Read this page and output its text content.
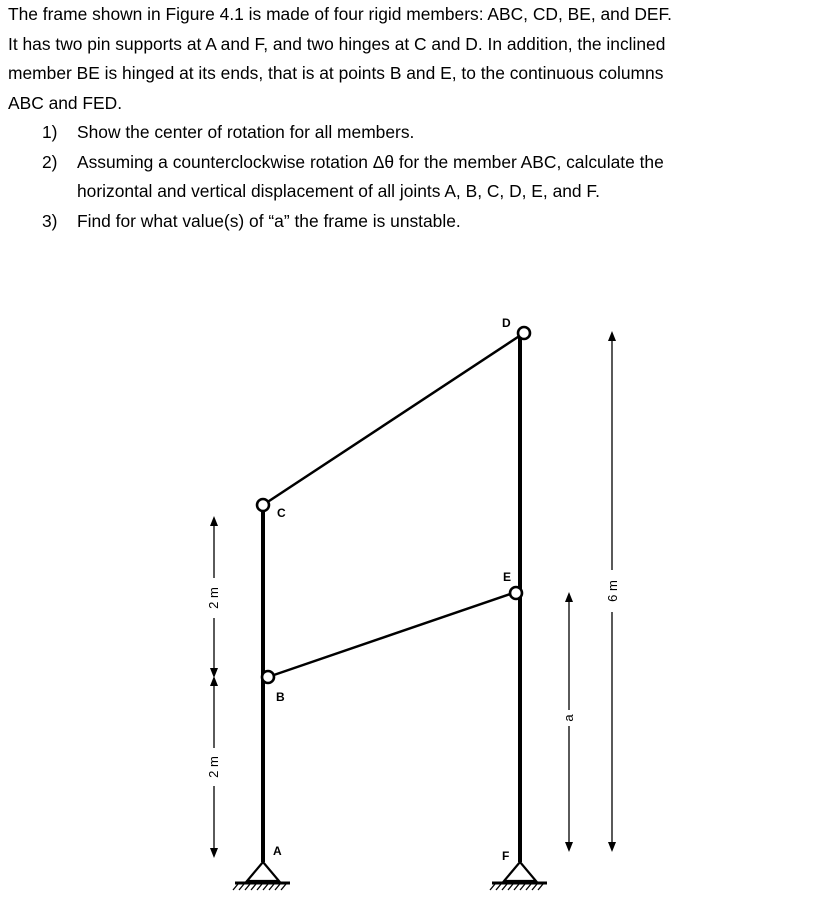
The frame shown in Figure 4.1 is made of four rigid members: ABC, CD, BE, and DEF.
It has two pin supports at A and F, and two hinges at C and D. In addition, the inclined
member BE is hinged at its ends, that is at points B and E, to the continuous columns
ABC and FED.

1) Show the center of rotation for all members.
2) Assuming a counterclockwise rotation Δθ for the member ABC, calculate the
horizontal and vertical displacement of all joints A, B, C, D, E, and F.
3) Find for what value(s) of “a” the frame is unstable.
C
D
E
B
A	F
2 m
2 m
a
6 m
